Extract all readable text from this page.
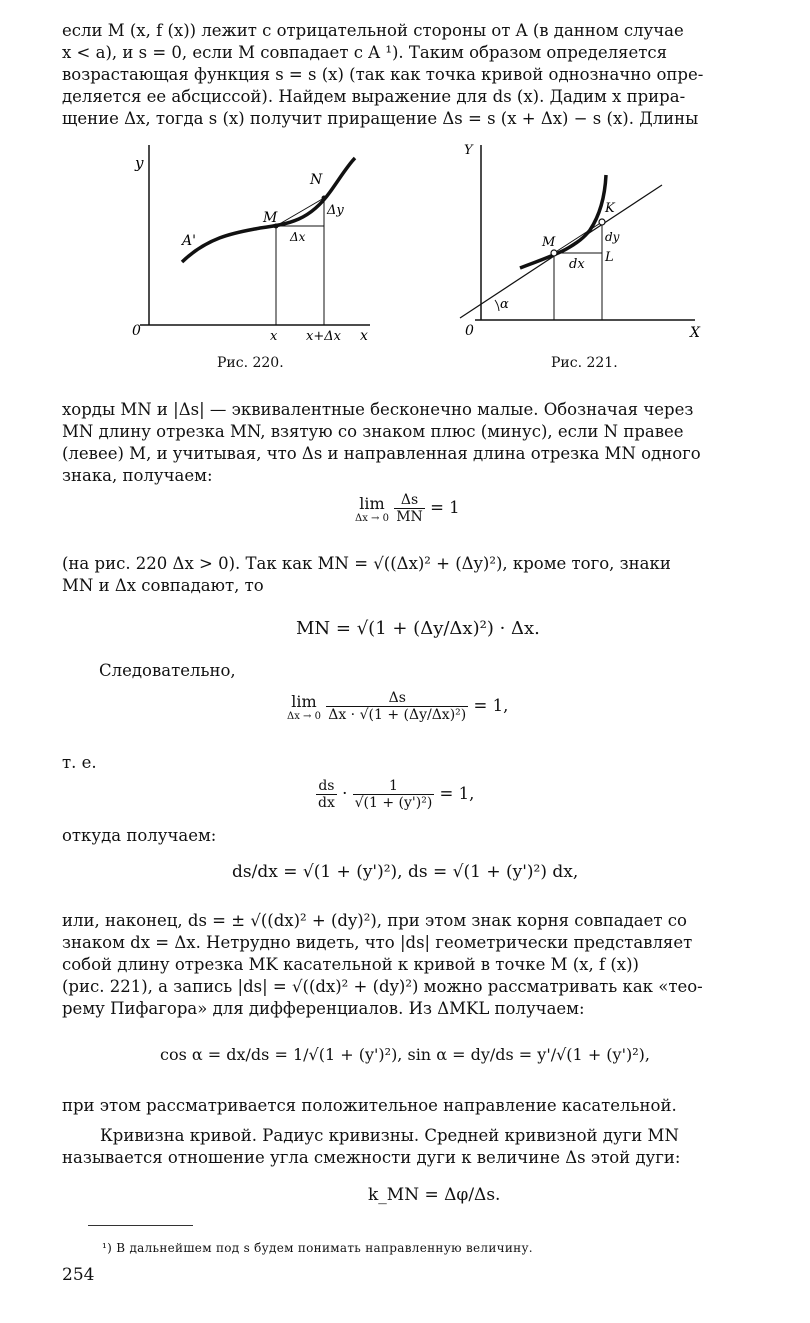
если M (x, f (x)) лежит с отрицательной стороны от A (в данном случае
x < a), и s = 0, если M совпадает с A ¹). Таким образом определяется
возрастающая функция s = s (x) (так как точка кривой однозначно опре-
деляется ее абсциссой). Найдем выражение для ds (x). Дадим x прира-
щение Δx, тогда s (x) получит приращение Δs = s (x + Δx) − s (x). Длины
y
0
A'
M
N
Δy
Δx
x x+Δx x
Рис. 220.
Y
0
M
K
dy
L
dx
α
X
Рис. 221.
хорды MN и |Δs| — эквивалентные бесконечно малые. Обозначая через
MN длину отрезка MN, взятую со знаком плюс (минус), если N правее
(левее) M, и учитывая, что Δs и направленная длина отрезка MN одного
знака, получаем:
lim
Δx → 0
$\frac{\Delta s}{MN} = 1$
(на рис. 220 Δx > 0). Так как MN = √((Δx)² + (Δy)²), кроме того, знаки
MN и Δx совпадают, то
MN = √(1 + (Δy/Δx)²) · Δx.
Следовательно,
lim
Δx → 0
$\frac{\Delta s}{\text{Δx · √(1 + (Δy/Δx)²)}} = 1$,
т. е.
$\frac{ds}{dx} \cdot \frac{1}{\text{√(1 + (y')²)}} = 1$,
откуда получаем:
ds/dx = √(1 + (y')²), ds = √(1 + (y')²) dx,
или, наконец, ds = ± √((dx)² + (dy)²), при этом знак корня совпадает со
знаком dx = Δx. Нетрудно видеть, что |ds| геометрически представляет
собой длину отрезка MK касательной к кривой в точке M (x, f (x))
(рис. 221), а запись |ds| = √((dx)² + (dy)²) можно рассматривать как «тео-
рему Пифагора» для дифференциалов. Из ΔMKL получаем:
cos α = dx/ds = 1/√(1 + (y')²), sin α = dy/ds = y'/√(1 + (y')²),
при этом рассматривается положительное направление касательной.
Кривизна кривой. Радиус кривизны. Средней кривизной дуги MN
называется отношение угла смежности дуги к величине Δs этой дуги:
k_MN = Δφ/Δs.
¹) В дальнейшем под s будем понимать направленную величину.
254
